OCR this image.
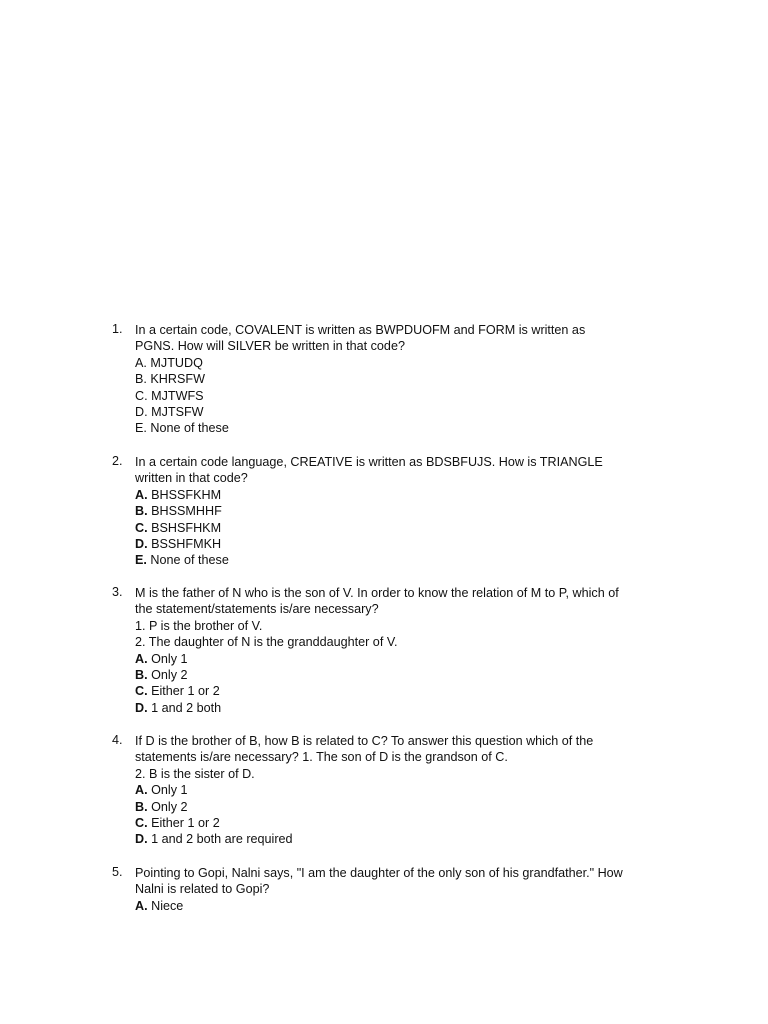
1. In a certain code, COVALENT is written as BWPDUOFM and FORM is written as
PGNS. How will SILVER be written in that code?
A. MJTUDQ
B. KHRSFW
C. MJTWFS
D. MJTSFW
E. None of these
2. In a certain code language, CREATIVE is written as BDSBFUJS. How is TRIANGLE
written in that code?
A. BHSSFKHM
B. BHSSMHHF
C. BSHSFHKM
D. BSSHFMKH
E. None of these
3. M is the father of N who is the son of V. In order to know the relation of M to P, which of
the statement/statements is/are necessary?
1. P is the brother of V.
2. The daughter of N is the granddaughter of V.
A. Only 1
B. Only 2
C. Either 1 or 2
D. 1 and 2 both
4. If D is the brother of B, how B is related to C? To answer this question which of the
statements is/are necessary? 1. The son of D is the grandson of C.
2. B is the sister of D.
A. Only 1
B. Only 2
C. Either 1 or 2
D. 1 and 2 both are required
5. Pointing to Gopi, Nalni says, "I am the daughter of the only son of his grandfather." How
Nalni is related to Gopi?
A. Niece
